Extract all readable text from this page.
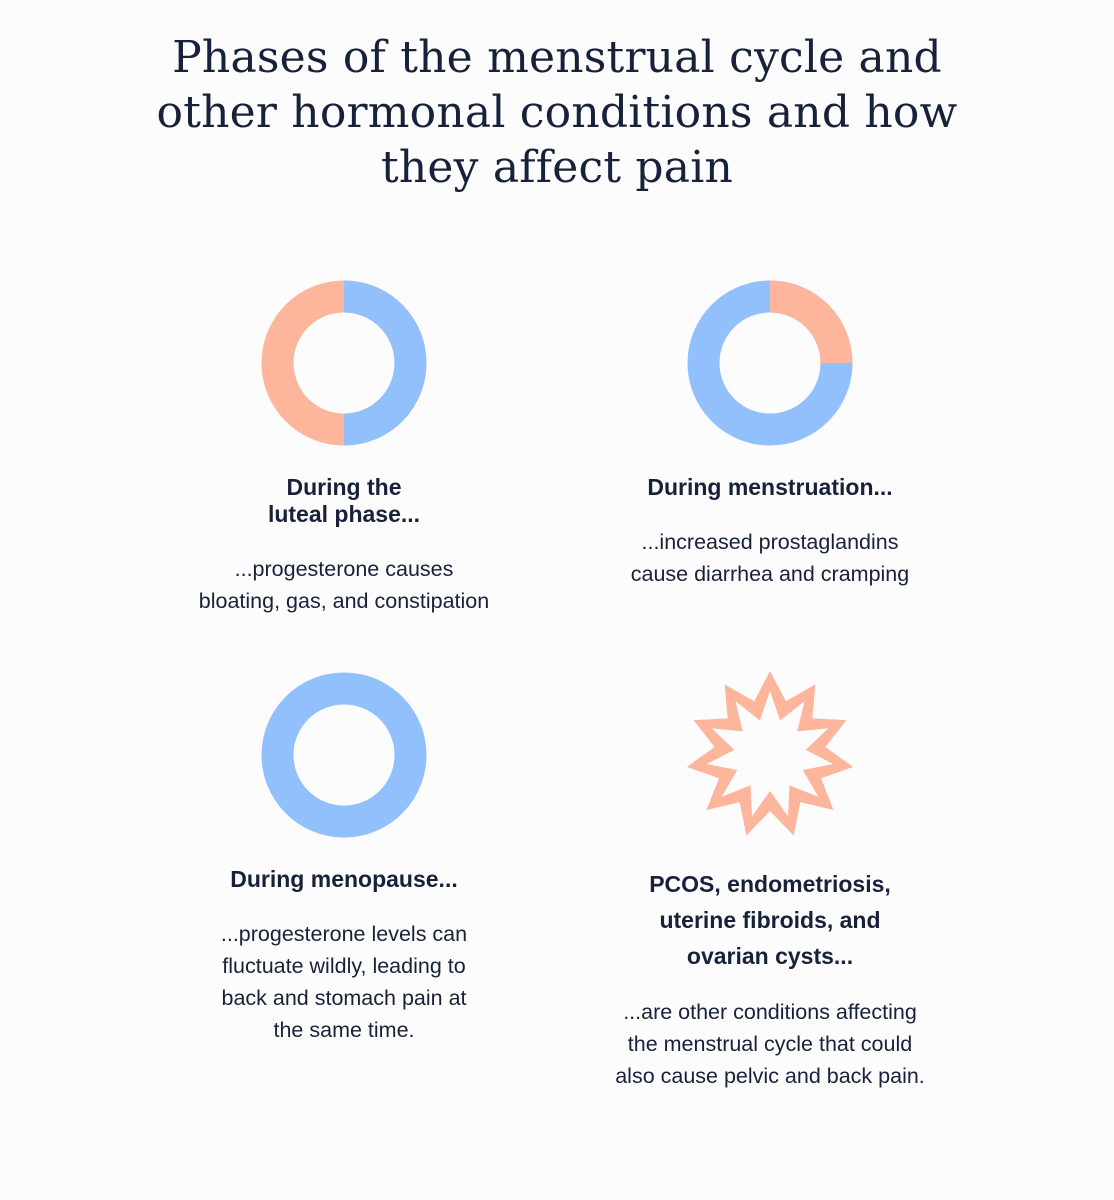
Phases of the menstrual cycle and
other hormonal conditions and how
they affect pain
During the
luteal phase...

...progesterone causes
bloating, gas, and constipation

During menstruation...

...increased prostaglandins
cause diarrhea and cramping

During menopause...

...progesterone levels can
fluctuate wildly, leading to
back and stomach pain at
the same time.

PCOS, endometriosis,
uterine fibroids, and
ovarian cysts...

...are other conditions affecting
the menstrual cycle that could
also cause pelvic and back pain.
